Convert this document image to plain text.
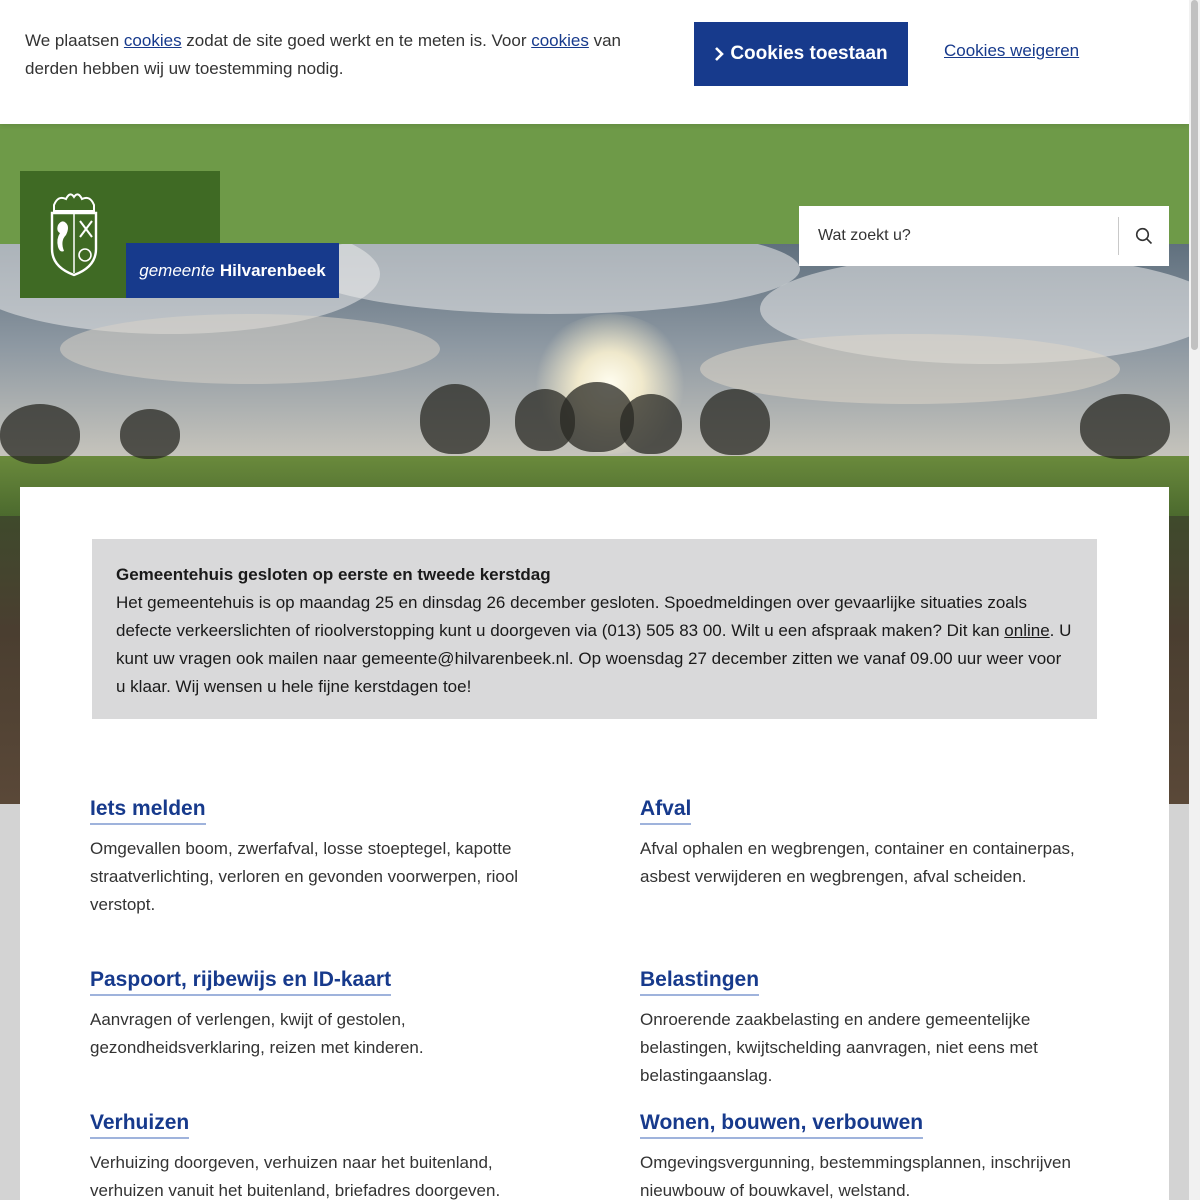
We plaatsen cookies zodat de site goed werkt en te meten is. Voor cookies van derden hebben wij uw toestemming nodig.

Cookies toestaan	Cookies weigeren
gemeente Hilvarenbeek
Wat zoekt u?
Gemeentehuis gesloten op eerste en tweede kerstdag
Het gemeentehuis is op maandag 25 en dinsdag 26 december gesloten. Spoedmeldingen over gevaarlijke situaties zoals defecte verkeerslichten of rioolverstopping kunt u doorgeven via (013) 505 83 00. Wilt u een afspraak maken? Dit kan online. U kunt uw vragen ook mailen naar gemeente@hilvarenbeek.nl. Op woensdag 27 december zitten we vanaf 09.00 uur weer voor u klaar. Wij wensen u hele fijne kerstdagen toe!
Iets melden

Omgevallen boom, zwerfafval, losse stoeptegel, kapotte straatverlichting, verloren en gevonden voorwerpen, riool verstopt.

Afval

Afval ophalen en wegbrengen, container en containerpas, asbest verwijderen en wegbrengen, afval scheiden.

Paspoort, rijbewijs en ID-kaart

Aanvragen of verlengen, kwijt of gestolen, gezondheidsverklaring, reizen met kinderen.

Belastingen

Onroerende zaakbelasting en andere gemeentelijke belastingen, kwijtschelding aanvragen, niet eens met belastingaanslag.

Verhuizen

Verhuizing doorgeven, verhuizen naar het buitenland, verhuizen vanuit het buitenland, briefadres doorgeven.

Wonen, bouwen, verbouwen

Omgevingsvergunning, bestemmingsplannen, inschrijven nieuwbouw of bouwkavel, welstand.
